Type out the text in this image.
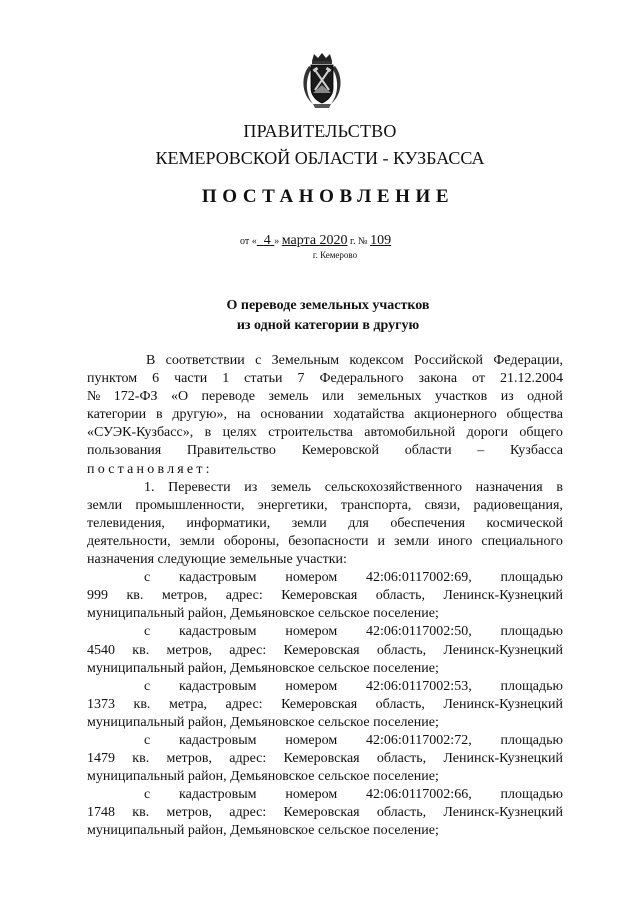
ПРАВИТЕЛЬСТВО
КЕМЕРОВСКОЙ ОБЛАСТИ - КУЗБАССА
ПОСТАНОВЛЕНИЕ
от « 4 » марта 2020 г. № 109
г. Кемерово
О переводе земельных участков
из одной категории в другую
В соответствии с Земельным кодексом Российской Федерации,
пунктом 6 части 1 статьи 7 Федерального закона от 21.12.2004
№ 172-ФЗ «О переводе земель или земельных участков из одной
категории в другую», на основании ходатайства акционерного общества
«СУЭК-Кузбасс», в целях строительства автомобильной дороги общего
пользования Правительство Кемеровской области – Кузбасса
постановляет:
1. Перевести из земель сельскохозяйственного назначения в
земли промышленности, энергетики, транспорта, связи, радиовещания,
телевидения, информатики, земли для обеспечения космической
деятельности, земли обороны, безопасности и земли иного специального
назначения следующие земельные участки:
с кадастровым номером 42:06:0117002:69, площадью
999 кв. метров, адрес: Кемеровская область, Ленинск-Кузнецкий
муниципальный район, Демьяновское сельское поселение;
с кадастровым номером 42:06:0117002:50, площадью
4540 кв. метров, адрес: Кемеровская область, Ленинск-Кузнецкий
муниципальный район, Демьяновское сельское поселение;
с кадастровым номером 42:06:0117002:53, площадью
1373 кв. метра, адрес: Кемеровская область, Ленинск-Кузнецкий
муниципальный район, Демьяновское сельское поселение;
с кадастровым номером 42:06:0117002:72, площадью
1479 кв. метров, адрес: Кемеровская область, Ленинск-Кузнецкий
муниципальный район, Демьяновское сельское поселение;
с кадастровым номером 42:06:0117002:66, площадью
1748 кв. метров, адрес: Кемеровская область, Ленинск-Кузнецкий
муниципальный район, Демьяновское сельское поселение;
